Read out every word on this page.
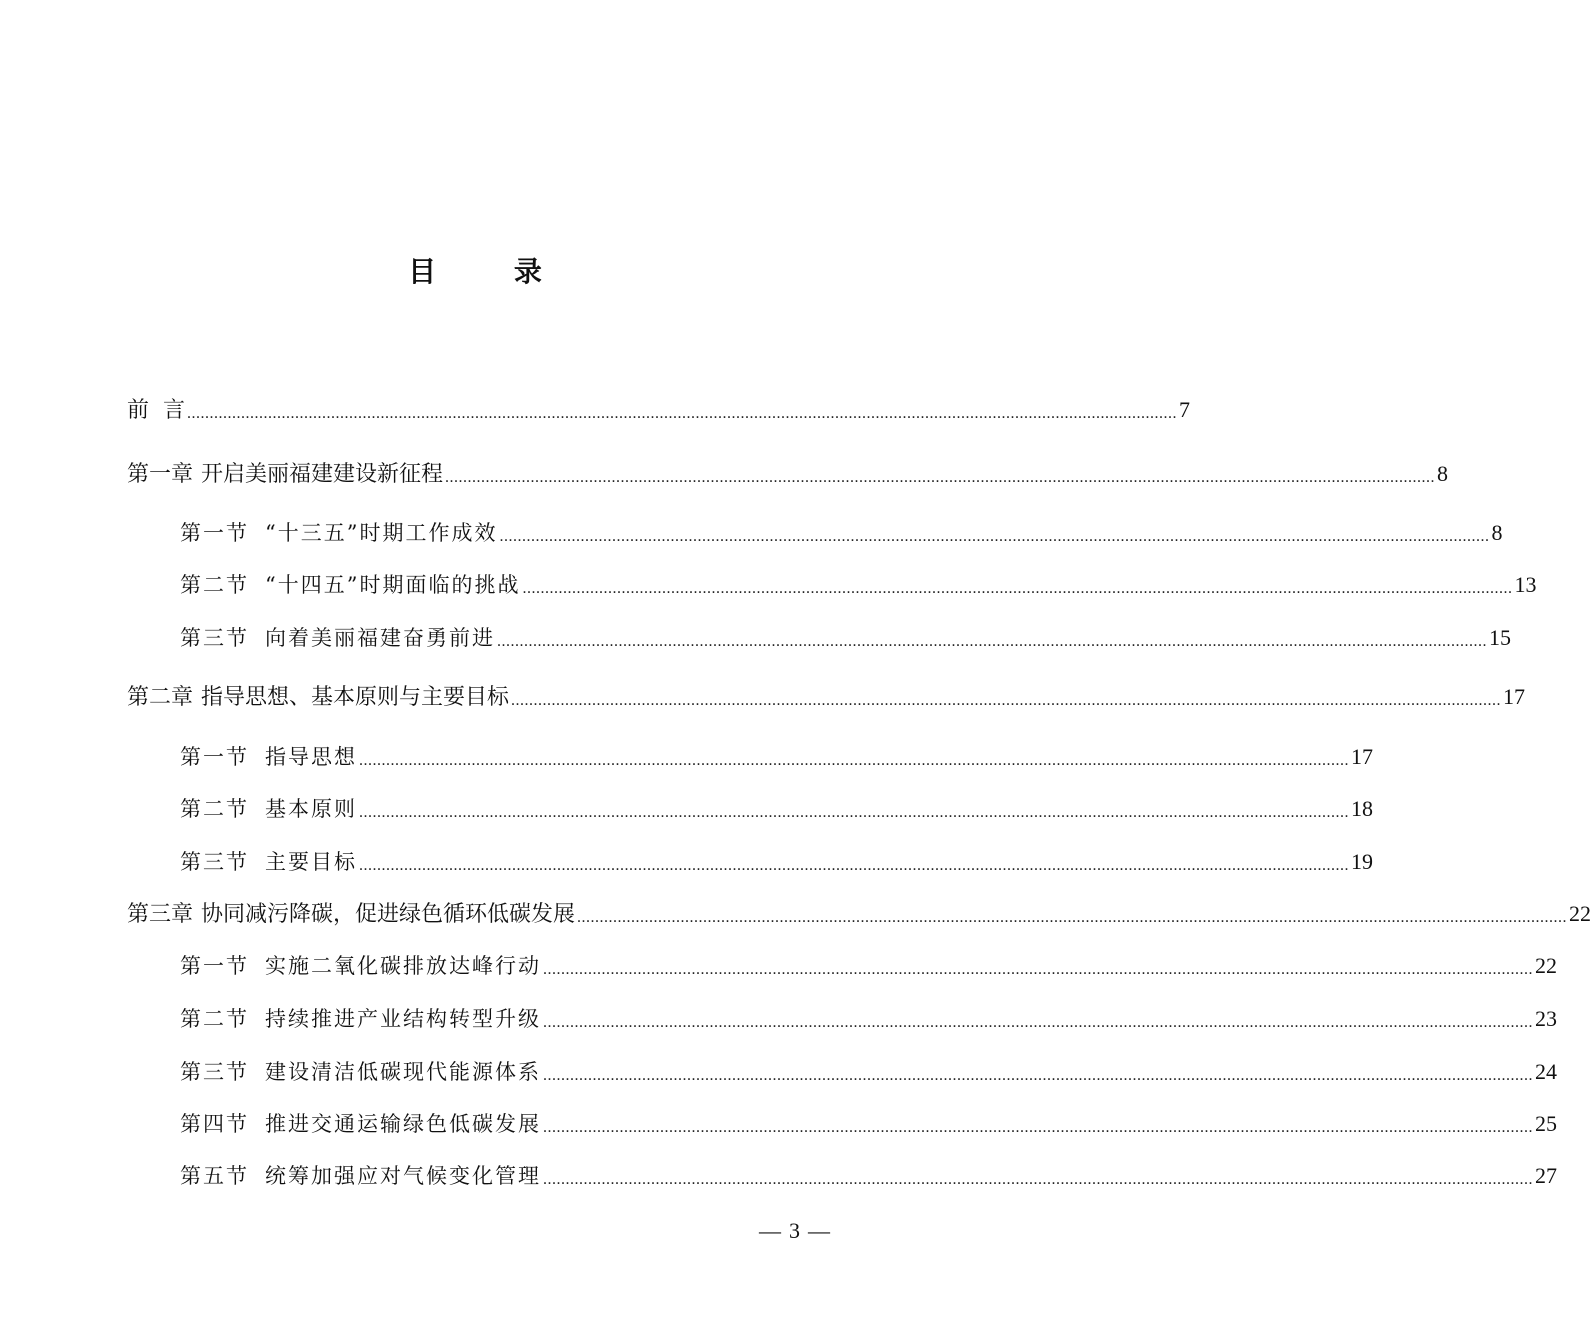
目 录
前  言 ............................................................................................................................................................................................................................ 7
第一章 开启美丽福建建设新征程 ............................................................................................................................................................................................................................ 8
第一节 “十三五”时期工作成效 ............................................................................................................................................................................................................................ 8
第二节 “十四五”时期面临的挑战 ............................................................................................................................................................................................................................ 13
第三节 向着美丽福建奋勇前进 ............................................................................................................................................................................................................................ 15
第二章 指导思想、基本原则与主要目标 ............................................................................................................................................................................................................................ 17
第一节 指导思想 ............................................................................................................................................................................................................................ 17
第二节 基本原则 ............................................................................................................................................................................................................................ 18
第三节 主要目标 ............................................................................................................................................................................................................................ 19
第三章 协同减污降碳，促进绿色循环低碳发展 ............................................................................................................................................................................................................................ 22
第一节 实施二氧化碳排放达峰行动 ............................................................................................................................................................................................................................ 22
第二节 持续推进产业结构转型升级 ............................................................................................................................................................................................................................ 23
第三节 建设清洁低碳现代能源体系 ............................................................................................................................................................................................................................ 24
第四节 推进交通运输绿色低碳发展 ............................................................................................................................................................................................................................ 25
第五节 统筹加强应对气候变化管理 ............................................................................................................................................................................................................................ 27
— 3 —
